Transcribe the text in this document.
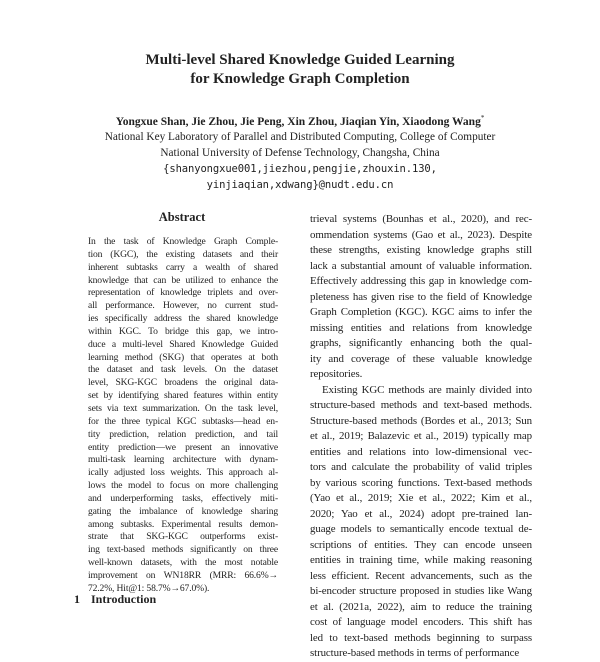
Multi-level Shared Knowledge Guided Learning
for Knowledge Graph Completion
Yongxue Shan, Jie Zhou, Jie Peng, Xin Zhou, Jiaqian Yin, Xiaodong Wang*
National Key Laboratory of Parallel and Distributed Computing, College of Computer
National University of Defense Technology, Changsha, China
{shanyongxue001,jiezhou,pengjie,zhouxin.130,
yinjiaqian,xdwang}@nudt.edu.cn
Abstract
In the task of Knowledge Graph Comple-
tion (KGC), the existing datasets and their
inherent subtasks carry a wealth of shared
knowledge that can be utilized to enhance the
representation of knowledge triplets and over-
all performance. However, no current stud-
ies specifically address the shared knowledge
within KGC. To bridge this gap, we intro-
duce a multi-level Shared Knowledge Guided
learning method (SKG) that operates at both
the dataset and task levels. On the dataset
level, SKG-KGC broadens the original data-
set by identifying shared features within entity
sets via text summarization. On the task level,
for the three typical KGC subtasks—head en-
tity prediction, relation prediction, and tail
entity prediction—we present an innovative
multi-task learning architecture with dynam-
ically adjusted loss weights. This approach al-
lows the model to focus on more challenging
and underperforming tasks, effectively miti-
gating the imbalance of knowledge sharing
among subtasks. Experimental results demon-
strate that SKG-KGC outperforms exist-
ing text-based methods significantly on three
well-known datasets, with the most notable
improvement on WN18RR (MRR: 66.6%→
72.2%, Hit@1: 58.7%→67.0%).
trieval systems (Bounhas et al., 2020), and rec-
ommendation systems (Gao et al., 2023). Despite
these strengths, existing knowledge graphs still
lack a substantial amount of valuable information.
Effectively addressing this gap in knowledge com-
pleteness has given rise to the field of Knowledge
Graph Completion (KGC). KGC aims to infer the
missing entities and relations from knowledge
graphs, significantly enhancing both the qual-
ity and coverage of these valuable knowledge
repositories.
Existing KGC methods are mainly divided into
structure-based methods and text-based methods.
Structure-based methods (Bordes et al., 2013; Sun
et al., 2019; Balazevic et al., 2019) typically map
entities and relations into low-dimensional vec-
tors and calculate the probability of valid triples
by various scoring functions. Text-based methods
(Yao et al., 2019; Xie et al., 2022; Kim et al.,
2020; Yao et al., 2024) adopt pre-trained lan-
guage models to semantically encode textual de-
scriptions of entities. They can encode unseen
entities in training time, while making reasoning
less efficient. Recent advancements, such as the
bi-encoder structure proposed in studies like Wang
et al. (2021a, 2022), aim to reduce the training
cost of language model encoders. This shift has
led to text-based methods beginning to surpass
structure-based methods in terms of performance
1 Introduction
